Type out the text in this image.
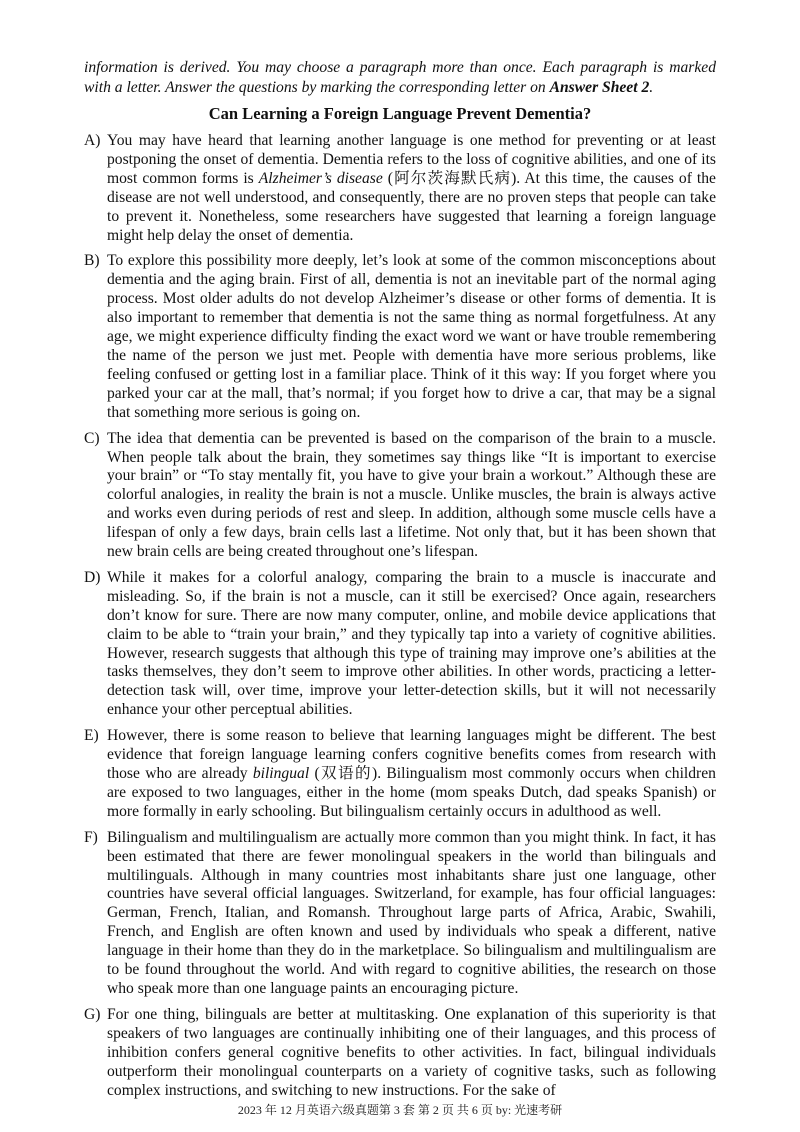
information is derived. You may choose a paragraph more than once. Each paragraph is marked with a letter. Answer the questions by marking the corresponding letter on Answer Sheet 2.

Can Learning a Foreign Language Prevent Dementia?
A) You may have heard that learning another language is one method for preventing or at least postponing the onset of dementia. Dementia refers to the loss of cognitive abilities, and one of its most common forms is Alzheimer’s disease (阿尔茨海默氏病). At this time, the causes of the disease are not well understood, and consequently, there are no proven steps that people can take to prevent it. Nonetheless, some researchers have suggested that learning a foreign language might help delay the onset of dementia.
B) To explore this possibility more deeply, let’s look at some of the common misconceptions about dementia and the aging brain. First of all, dementia is not an inevitable part of the normal aging process. Most older adults do not develop Alzheimer’s disease or other forms of dementia. It is also important to remember that dementia is not the same thing as normal forgetfulness. At any age, we might experience difficulty finding the exact word we want or have trouble remembering the name of the person we just met. People with dementia have more serious problems, like feeling confused or getting lost in a familiar place. Think of it this way: If you forget where you parked your car at the mall, that’s normal; if you forget how to drive a car, that may be a signal that something more serious is going on.
C) The idea that dementia can be prevented is based on the comparison of the brain to a muscle. When people talk about the brain, they sometimes say things like “It is important to exercise your brain” or “To stay mentally fit, you have to give your brain a workout.” Although these are colorful analogies, in reality the brain is not a muscle. Unlike muscles, the brain is always active and works even during periods of rest and sleep. In addition, although some muscle cells have a lifespan of only a few days, brain cells last a lifetime. Not only that, but it has been shown that new brain cells are being created throughout one’s lifespan.
D) While it makes for a colorful analogy, comparing the brain to a muscle is inaccurate and misleading. So, if the brain is not a muscle, can it still be exercised? Once again, researchers don’t know for sure. There are now many computer, online, and mobile device applications that claim to be able to “train your brain,” and they typically tap into a variety of cognitive abilities. However, research suggests that although this type of training may improve one’s abilities at the tasks themselves, they don’t seem to improve other abilities. In other words, practicing a letter-detection task will, over time, improve your letter-detection skills, but it will not necessarily enhance your other perceptual abilities.
E) However, there is some reason to believe that learning languages might be different. The best evidence that foreign language learning confers cognitive benefits comes from research with those who are already bilingual (双语的). Bilingualism most commonly occurs when children are exposed to two languages, either in the home (mom speaks Dutch, dad speaks Spanish) or more formally in early schooling. But bilingualism certainly occurs in adulthood as well.
F) Bilingualism and multilingualism are actually more common than you might think. In fact, it has been estimated that there are fewer monolingual speakers in the world than bilinguals and multilinguals. Although in many countries most inhabitants share just one language, other countries have several official languages. Switzerland, for example, has four official languages: German, French, Italian, and Romansh. Throughout large parts of Africa, Arabic, Swahili, French, and English are often known and used by individuals who speak a different, native language in their home than they do in the marketplace. So bilingualism and multilingualism are to be found throughout the world. And with regard to cognitive abilities, the research on those who speak more than one language paints an encouraging picture.
G) For one thing, bilinguals are better at multitasking. One explanation of this superiority is that speakers of two languages are continually inhibiting one of their languages, and this process of inhibition confers general cognitive benefits to other activities. In fact, bilingual individuals outperform their monolingual counterparts on a variety of cognitive tasks, such as following complex instructions, and switching to new instructions. For the sake of
2023 年 12 月英语六级真题第 3 套 第 2 页 共 6 页 by: 光速考研
